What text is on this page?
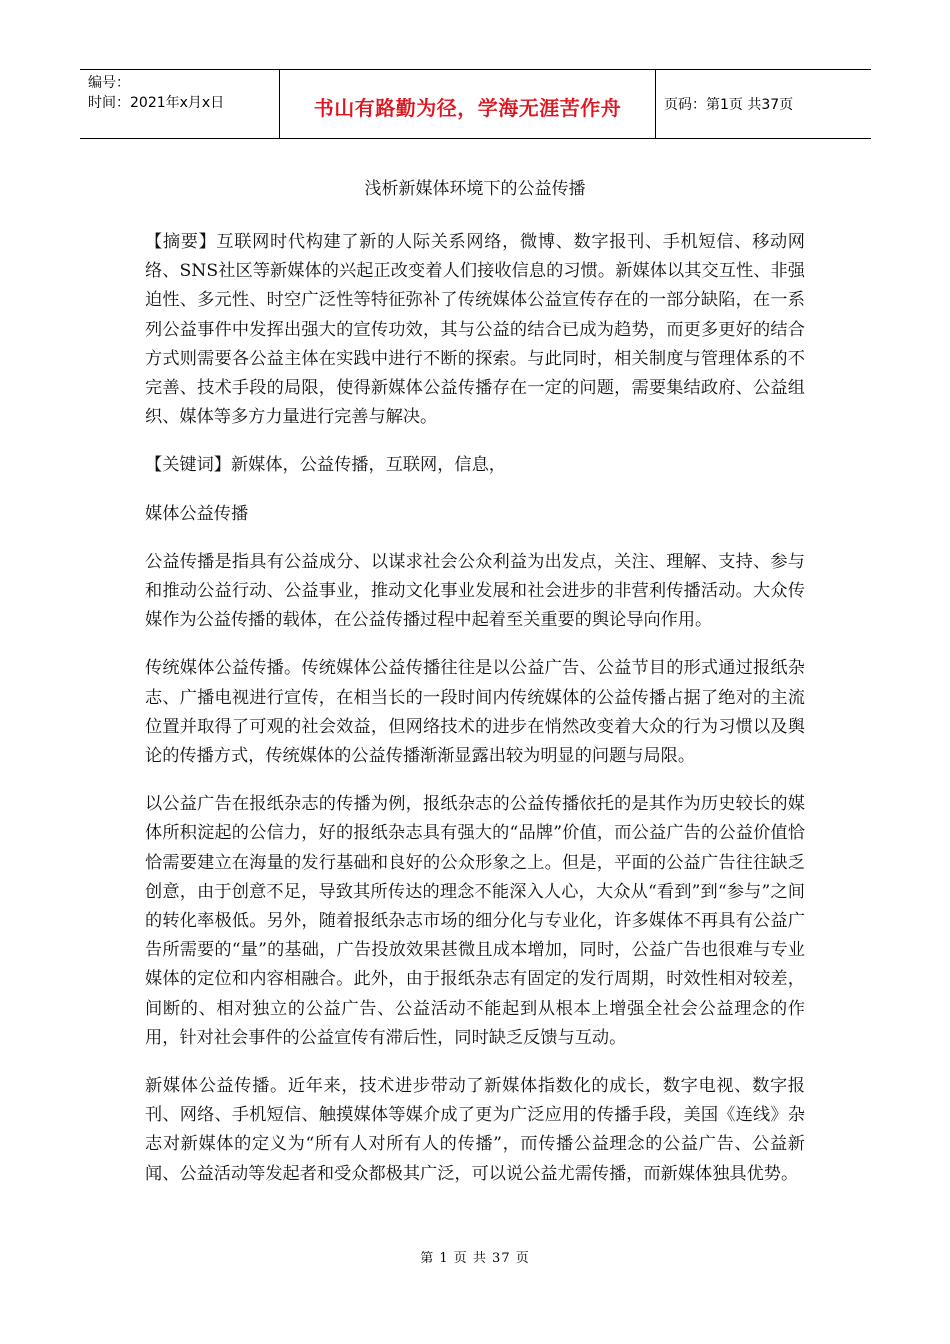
编号：
时间：2021年x月x日	书山有路勤为径，学海无涯苦作舟	页码：第1页 共37页
浅析新媒体环境下的公益传播

【摘要】互联网时代构建了新的人际关系网络，微博、数字报刊、手机短信、移动网络、SNS社区等新媒体的兴起正改变着人们接收信息的习惯。新媒体以其交互性、非强迫性、多元性、时空广泛性等特征弥补了传统媒体公益宣传存在的一部分缺陷，在一系列公益事件中发挥出强大的宣传功效，其与公益的结合已成为趋势，而更多更好的结合方式则需要各公益主体在实践中进行不断的探索。与此同时，相关制度与管理体系的不完善、技术手段的局限，使得新媒体公益传播存在一定的问题，需要集结政府、公益组织、媒体等多方力量进行完善与解决。

【关键词】新媒体，公益传播，互联网，信息，

媒体公益传播

公益传播是指具有公益成分、以谋求社会公众利益为出发点，关注、理解、支持、参与和推动公益行动、公益事业，推动文化事业发展和社会进步的非营利传播活动。大众传媒作为公益传播的载体，在公益传播过程中起着至关重要的舆论导向作用。

传统媒体公益传播。传统媒体公益传播往往是以公益广告、公益节目的形式通过报纸杂志、广播电视进行宣传，在相当长的一段时间内传统媒体的公益传播占据了绝对的主流位置并取得了可观的社会效益，但网络技术的进步在悄然改变着大众的行为习惯以及舆论的传播方式，传统媒体的公益传播渐渐显露出较为明显的问题与局限。

以公益广告在报纸杂志的传播为例，报纸杂志的公益传播依托的是其作为历史较长的媒体所积淀起的公信力，好的报纸杂志具有强大的“品牌”价值，而公益广告的公益价值恰恰需要建立在海量的发行基础和良好的公众形象之上。但是，平面的公益广告往往缺乏创意，由于创意不足，导致其所传达的理念不能深入人心，大众从“看到”到“参与”之间的转化率极低。另外，随着报纸杂志市场的细分化与专业化，许多媒体不再具有公益广告所需要的“量”的基础，广告投放效果甚微且成本增加，同时，公益广告也很难与专业媒体的定位和内容相融合。此外，由于报纸杂志有固定的发行周期，时效性相对较差，间断的、相对独立的公益广告、公益活动不能起到从根本上增强全社会公益理念的作用，针对社会事件的公益宣传有滞后性，同时缺乏反馈与互动。

新媒体公益传播。近年来，技术进步带动了新媒体指数化的成长，数字电视、数字报刊、网络、手机短信、触摸媒体等媒介成了更为广泛应用的传播手段，美国《连线》杂志对新媒体的定义为“所有人对所有人的传播”，而传播公益理念的公益广告、公益新闻、公益活动等发起者和受众都极其广泛，可以说公益尤需传播，而新媒体独具优势。

第 1 页 共 37 页
